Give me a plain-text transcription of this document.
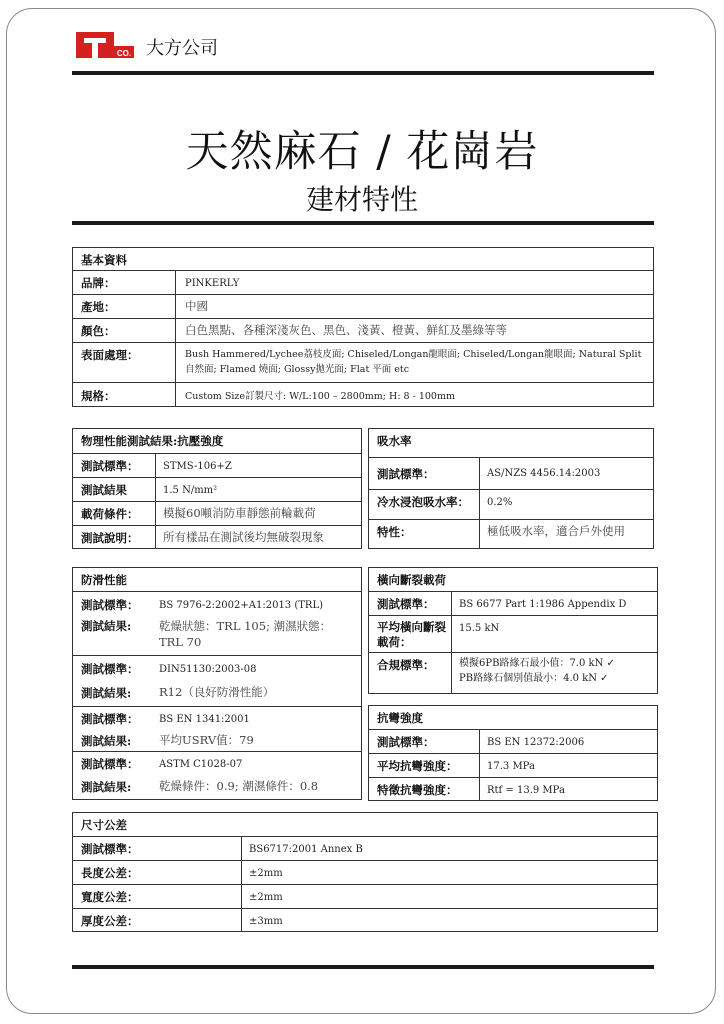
CO. 大方公司
天然麻石 / 花崗岩
建材特性
基本資料
品牌：	PINKERLY
產地：	中國
顏色：	白色黑點、各種深淺灰色、黑色、淺黃、橙黃、鮮紅及墨綠等等
表面處理：	Bush Hammered/Lychee荔枝皮面; Chiseled/Longan龍眼面; Chiseled/Longan龍眼面; Natural Split自然面; Flamed 燒面; Glossy拋光面; Flat 平面 etc
規格：	Custom Size訂製尺寸: W/L:100 – 2800mm; H: 8 - 100mm
物理性能測試結果:抗壓強度
測試標準： STMS-106+Z
測試結果	1.5 N/mm²
載荷條件： 模擬60噸消防車靜態前輪載荷
測試說明： 所有樣品在測試後均無破裂現象
吸水率
測試標準：	AS/NZS 4456.14:2003
冷水浸泡吸水率： 0.2%
特性：	極低吸水率，適合戶外使用
防滑性能
測試標準： BS 7976-2:2002+A1:2013 (TRL)
測試結果: 乾燥狀態：TRL 105; 潮濕狀態：TRL 70
測試標準： DIN51130:2003-08
測試結果: R12（良好防滑性能）
測試標準： BS EN 1341:2001
測試結果: 平均USRV值：79
測試標準： ASTM C1028-07
測試結果: 乾燥條件：0.9; 潮濕條件：0.8
橫向斷裂載荷
測試標準： BS 6677 Part 1:1986 Appendix D
平均橫向斷裂載荷：
15.5 kN
合規標準： 模擬6PB路緣石最小值：7.0 kN ✓
PB路緣石個別值最小：4.0 kN ✓
抗彎強度
測試標準：	BS EN 12372:2006
平均抗彎強度：	17.3 MPa
特徵抗彎強度：	Rtf = 13.9 MPa
尺寸公差
測試標準：	BS6717:2001 Annex B
長度公差：	±2mm
寬度公差：	±2mm
厚度公差：	±3mm
